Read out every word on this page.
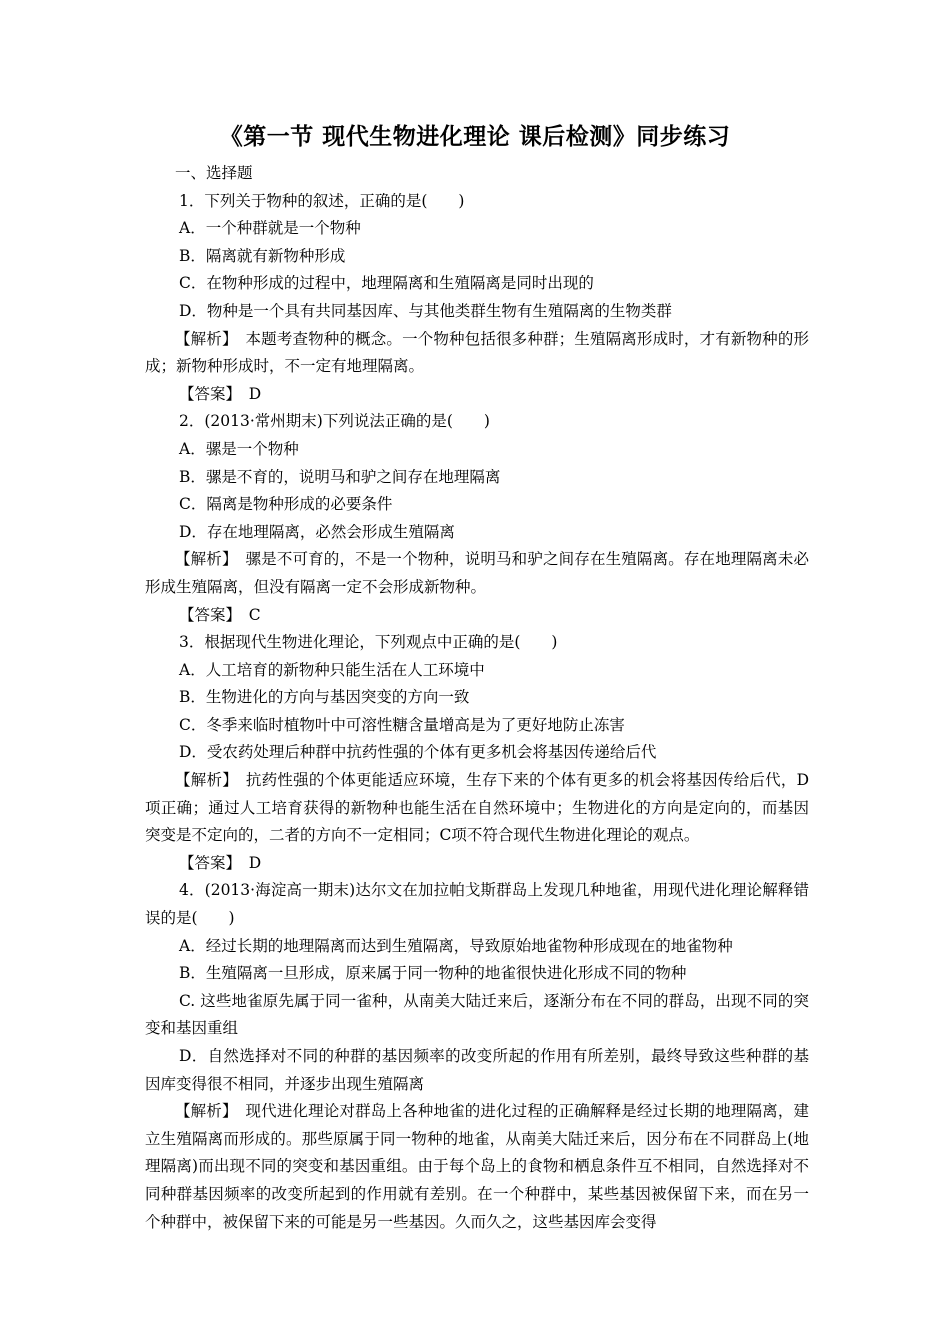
《第一节 现代生物进化理论 课后检测》同步练习

一、选择题

1．下列关于物种的叙述，正确的是(　　)

A．一个种群就是一个物种

B．隔离就有新物种形成

C．在物种形成的过程中，地理隔离和生殖隔离是同时出现的

D．物种是一个具有共同基因库、与其他类群生物有生殖隔离的生物类群

【解析】　本题考查物种的概念。一个物种包括很多种群；生殖隔离形成时，才有新物种的形成；新物种形成时，不一定有地理隔离。

【答案】　D

2．(2013·常州期末)下列说法正确的是(　　)

A．骡是一个物种

B．骡是不育的，说明马和驴之间存在地理隔离

C．隔离是物种形成的必要条件

D．存在地理隔离，必然会形成生殖隔离

【解析】　骡是不可育的，不是一个物种，说明马和驴之间存在生殖隔离。存在地理隔离未必形成生殖隔离，但没有隔离一定不会形成新物种。

【答案】　C

3．根据现代生物进化理论，下列观点中正确的是(　　)

A．人工培育的新物种只能生活在人工环境中

B．生物进化的方向与基因突变的方向一致

C．冬季来临时植物叶中可溶性糖含量增高是为了更好地防止冻害

D．受农药处理后种群中抗药性强的个体有更多机会将基因传递给后代

【解析】　抗药性强的个体更能适应环境，生存下来的个体有更多的机会将基因传给后代，D项正确；通过人工培育获得的新物种也能生活在自然环境中；生物进化的方向是定向的，而基因突变是不定向的，二者的方向不一定相同；C项不符合现代生物进化理论的观点。

【答案】　D

4．(2013·海淀高一期末)达尔文在加拉帕戈斯群岛上发现几种地雀，用现代进化理论解释错误的是(　　)

A．经过长期的地理隔离而达到生殖隔离，导致原始地雀物种形成现在的地雀物种

B．生殖隔离一旦形成，原来属于同一物种的地雀很快进化形成不同的物种

C. 这些地雀原先属于同一雀种，从南美大陆迁来后，逐渐分布在不同的群岛，出现不同的突变和基因重组

D．自然选择对不同的种群的基因频率的改变所起的作用有所差别，最终导致这些种群的基因库变得很不相同，并逐步出现生殖隔离

【解析】　现代进化理论对群岛上各种地雀的进化过程的正确解释是经过长期的地理隔离，建立生殖隔离而形成的。那些原属于同一物种的地雀，从南美大陆迁来后，因分布在不同群岛上(地理隔离)而出现不同的突变和基因重组。由于每个岛上的食物和栖息条件互不相同，自然选择对不同种群基因频率的改变所起到的作用就有差别。在一个种群中，某些基因被保留下来，而在另一个种群中，被保留下来的可能是另一些基因。久而久之，这些基因库会变得
